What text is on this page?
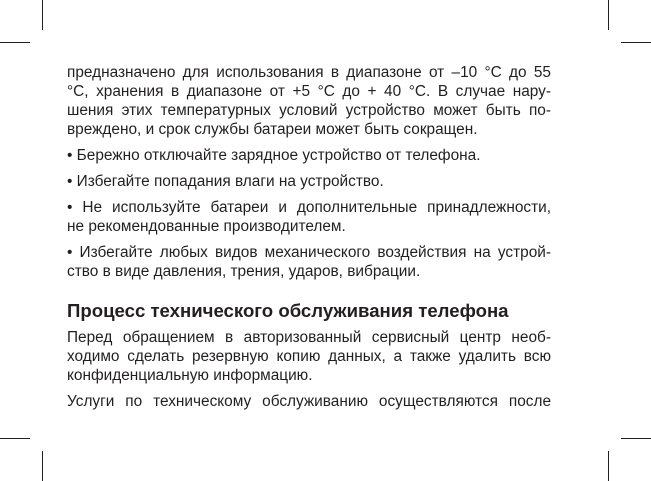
предназначено для использования в диапазоне от –10 °С до 55
°С, хранения в диапазоне от +5 °С до + 40 °С. В случае нару-
шения этих температурных условий устройство может быть по-
вреждено, и срок службы батареи может быть сокращен.
• Бережно отключайте зарядное устройство от телефона.
• Избегайте попадания влаги на устройство.
• Не используйте батареи и дополнительные принадлежности,
не рекомендованные производителем.
• Избегайте любых видов механического воздействия на устрой-
ство в виде давления, трения, ударов, вибрации.
Процесс технического обслуживания телефона
Перед обращением в авторизованный сервисный центр необ-
ходимо сделать резервную копию данных, а также удалить всю
конфиденциальную информацию.
Услуги по техническому обслуживанию осуществляются после
